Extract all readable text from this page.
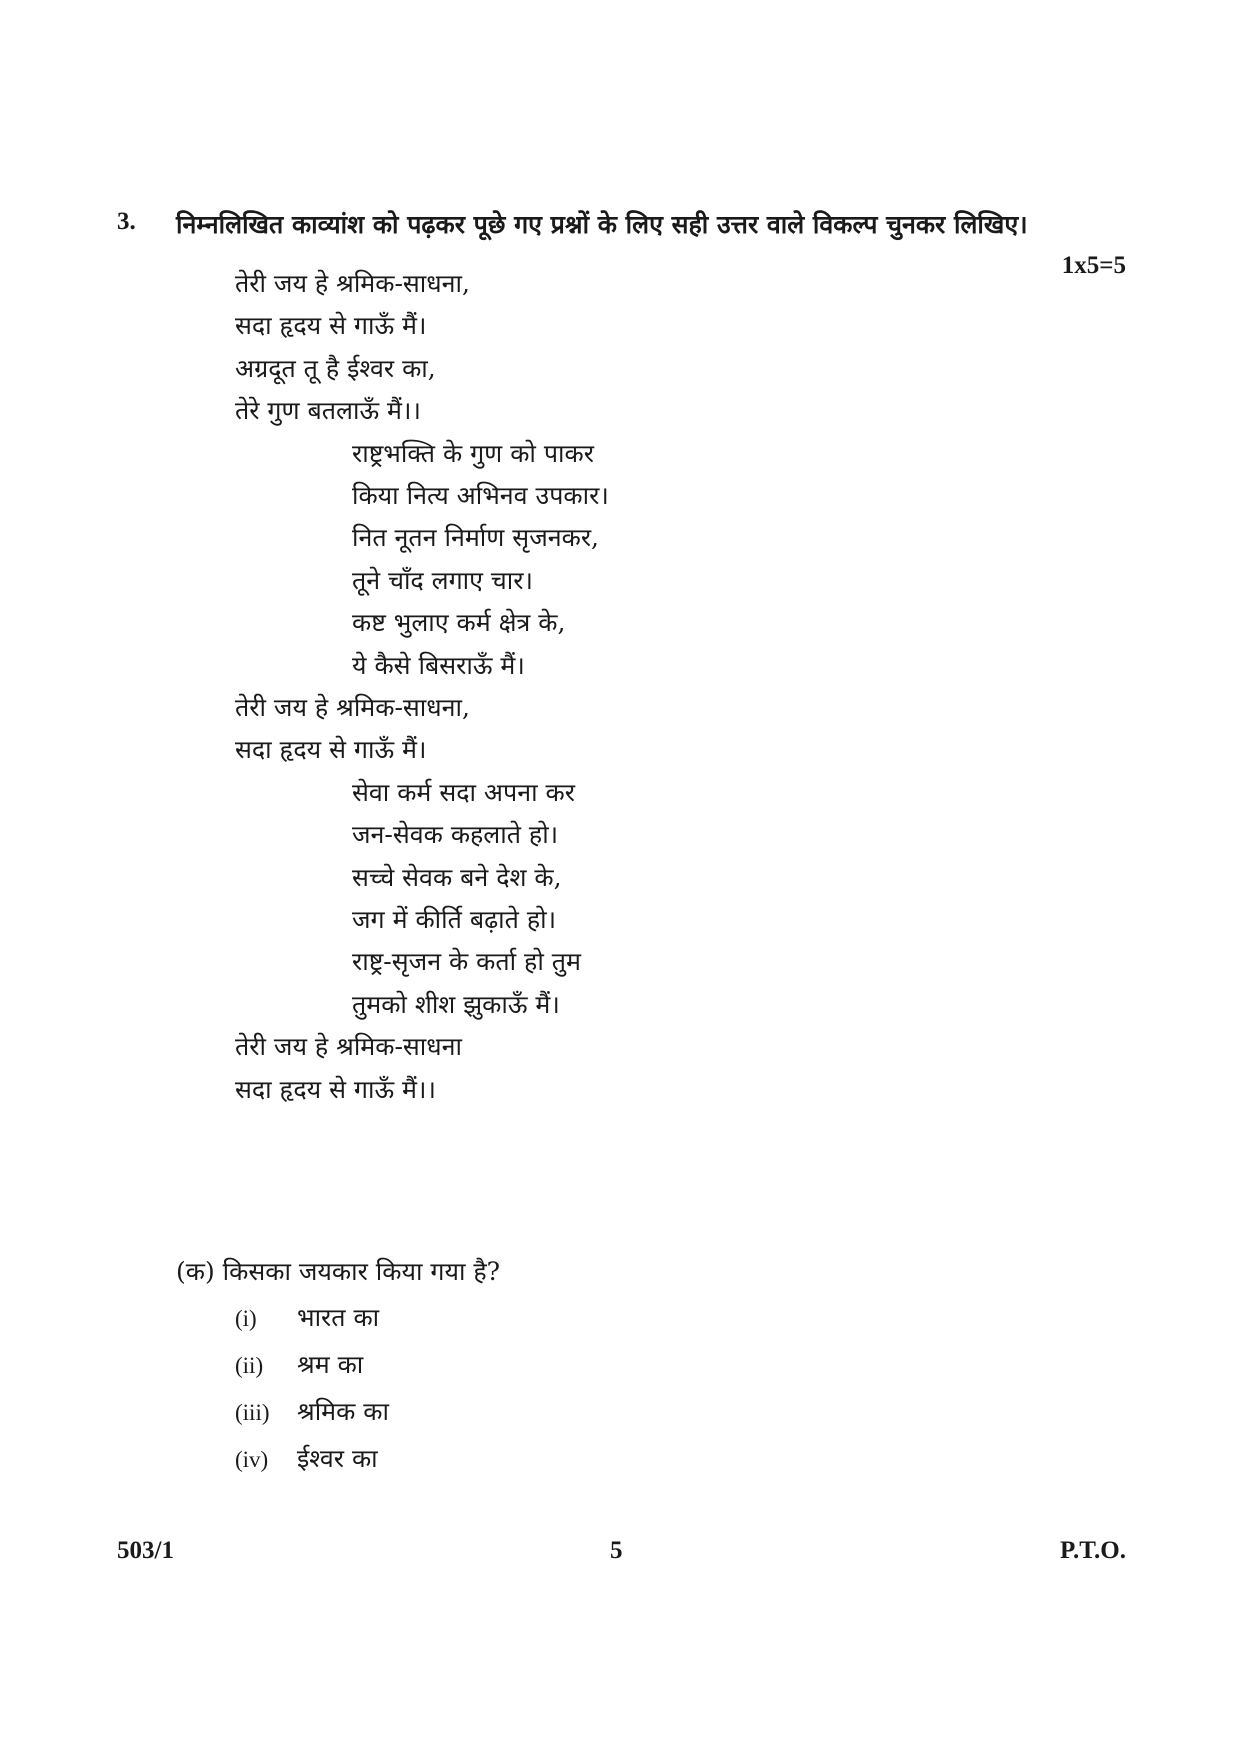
3. निम्नलिखित काव्यांश को पढ़कर पूछे गए प्रश्नों के लिए सही उत्तर वाले विकल्प चुनकर लिखिए।
1x5=5
तेरी जय हे श्रमिक-साधना,
सदा हृदय से गाऊँ मैं।
अग्रदूत तू है ईश्वर का,
तेरे गुण बतलाऊँ मैं।।
राष्ट्रभक्ति के गुण को पाकर
किया नित्य अभिनव उपकार।
नित नूतन निर्माण सृजनकर,
तूने चाँद लगाए चार।
कष्ट भुलाए कर्म क्षेत्र के,
ये कैसे बिसराऊँ मैं।
तेरी जय हे श्रमिक-साधना,
सदा हृदय से गाऊँ मैं।
सेवा कर्म सदा अपना कर
जन-सेवक कहलाते हो।
सच्चे सेवक बने देश के,
जग में कीर्ति बढ़ाते हो।
राष्ट्र-सृजन के कर्ता हो तुम
तुमको शीश झुकाऊँ मैं।
तेरी जय हे श्रमिक-साधना
सदा हृदय से गाऊँ मैं।।
(क) किसका जयकार किया गया है?
(i) भारत का
(ii) श्रम का
(iii) श्रमिक का
(iv) ईश्वर का
503/1	5	P.T.O.
